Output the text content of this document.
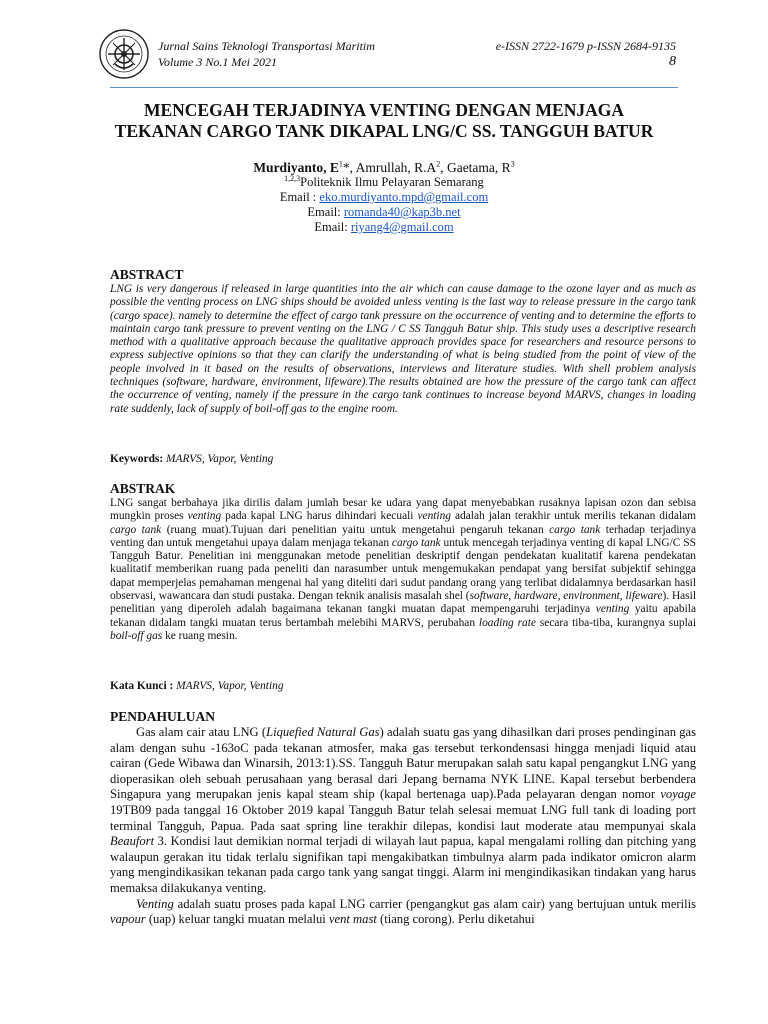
Jurnal Sains Teknologi Transportasi Maritim
Volume 3 No.1 Mei 2021
e-ISSN 2722-1679 p-ISSN 2684-9135
8
MENCEGAH TERJADINYA VENTING DENGAN MENJAGA
TEKANAN CARGO TANK DIKAPAL LNG/C SS. TANGGUH BATUR
Murdiyanto, $E^1*$, Amrullah, $R.A^2$, Gaetama, $R^3$
$^{1,2,3}$Politeknik Ilmu Pelayaran Semarang
Email : eko.murdiyanto.mpd@gmail.com
Email: romanda40@kap3b.net
Email: riyang4@gmail.com
ABSTRACT

LNG is very dangerous if released in large quantities into the air which can cause damage to the ozone layer and as much as possible the venting process on LNG ships should be avoided unless venting is the last way to release pressure in the cargo tank (cargo space). namely to determine the effect of cargo tank pressure on the occurrence of venting and to determine the efforts to maintain cargo tank pressure to prevent venting on the LNG / C SS Tangguh Batur ship. This study uses a descriptive research method with a qualitative approach because the qualitative approach provides space for researchers and resource persons to express subjective opinions so that they can clarify the understanding of what is being studied from the point of view of the people involved in it based on the results of observations, interviews and literature studies. With shell problem analysis techniques (software, hardware, environment, lifeware).The results obtained are how the pressure of the cargo tank can affect the occurrence of venting, namely if the pressure in the cargo tank continues to increase beyond MARVS, changes in loading rate suddenly, lack of supply of boil-off gas to the engine room.

Keywords: MARVS, Vapor, Venting

ABSTRAK

LNG sangat berbahaya jika dirilis dalam jumlah besar ke udara yang dapat menyebabkan rusaknya lapisan ozon dan sebisa mungkin proses venting pada kapal LNG harus dihindari kecuali venting adalah jalan terakhir untuk merilis tekanan didalam cargo tank (ruang muat).Tujuan dari penelitian yaitu untuk mengetahui pengaruh tekanan cargo tank terhadap terjadinya venting dan untuk mengetahui upaya dalam menjaga tekanan cargo tank untuk mencegah terjadinya venting di kapal LNG/C SS Tangguh Batur. Penelitian ini menggunakan metode penelitian deskriptif dengan pendekatan kualitatif karena pendekatan kualitatif memberikan ruang pada peneliti dan narasumber untuk mengemukakan pendapat yang bersifat subjektif sehingga dapat memperjelas pemahaman mengenai hal yang diteliti dari sudut pandang orang yang terlibat didalamnya berdasarkan hasil observasi, wawancara dan studi pustaka. Dengan teknik analisis masalah shel (software, hardware, environment, lifeware). Hasil penelitian yang diperoleh adalah bagaimana tekanan tangki muatan dapat mempengaruhi terjadinya venting yaitu apabila tekanan didalam tangki muatan terus bertambah melebihi MARVS, perubahan loading rate secara tiba-tiba, kurangnya suplai boil-off gas ke ruang mesin.

Kata Kunci : MARVS, Vapor, Venting

PENDAHULUAN

Gas alam cair atau LNG (Liquefied Natural Gas) adalah suatu gas yang dihasilkan dari proses pendinginan gas alam dengan suhu -163oC pada tekanan atmosfer, maka gas tersebut terkondensasi hingga menjadi liquid atau cairan (Gede Wibawa dan Winarsih, 2013:1).SS. Tangguh Batur merupakan salah satu kapal pengangkut LNG yang dioperasikan oleh sebuah perusahaan yang berasal dari Jepang bernama NYK LINE. Kapal tersebut berbendera Singapura yang merupakan jenis kapal steam ship (kapal bertenaga uap).Pada pelayaran dengan nomor voyage 19TB09 pada tanggal 16 Oktober 2019 kapal Tangguh Batur telah selesai memuat LNG full tank di loading port terminal Tangguh, Papua. Pada saat spring line terakhir dilepas, kondisi laut moderate atau mempunyai skala Beaufort 3. Kondisi laut demikian normal terjadi di wilayah laut papua, kapal mengalami rolling dan pitching yang walaupun gerakan itu tidak terlalu signifikan tapi mengakibatkan timbulnya alarm pada indikator omicron alarm yang mengindikasikan tekanan pada cargo tank yang sangat tinggi. Alarm ini mengindikasikan tindakan yang harus memaksa dilakukanya venting.

Venting adalah suatu proses pada kapal LNG carrier (pengangkut gas alam cair) yang bertujuan untuk merilis vapour (uap) keluar tangki muatan melalui vent mast (tiang corong). Perlu diketahui
